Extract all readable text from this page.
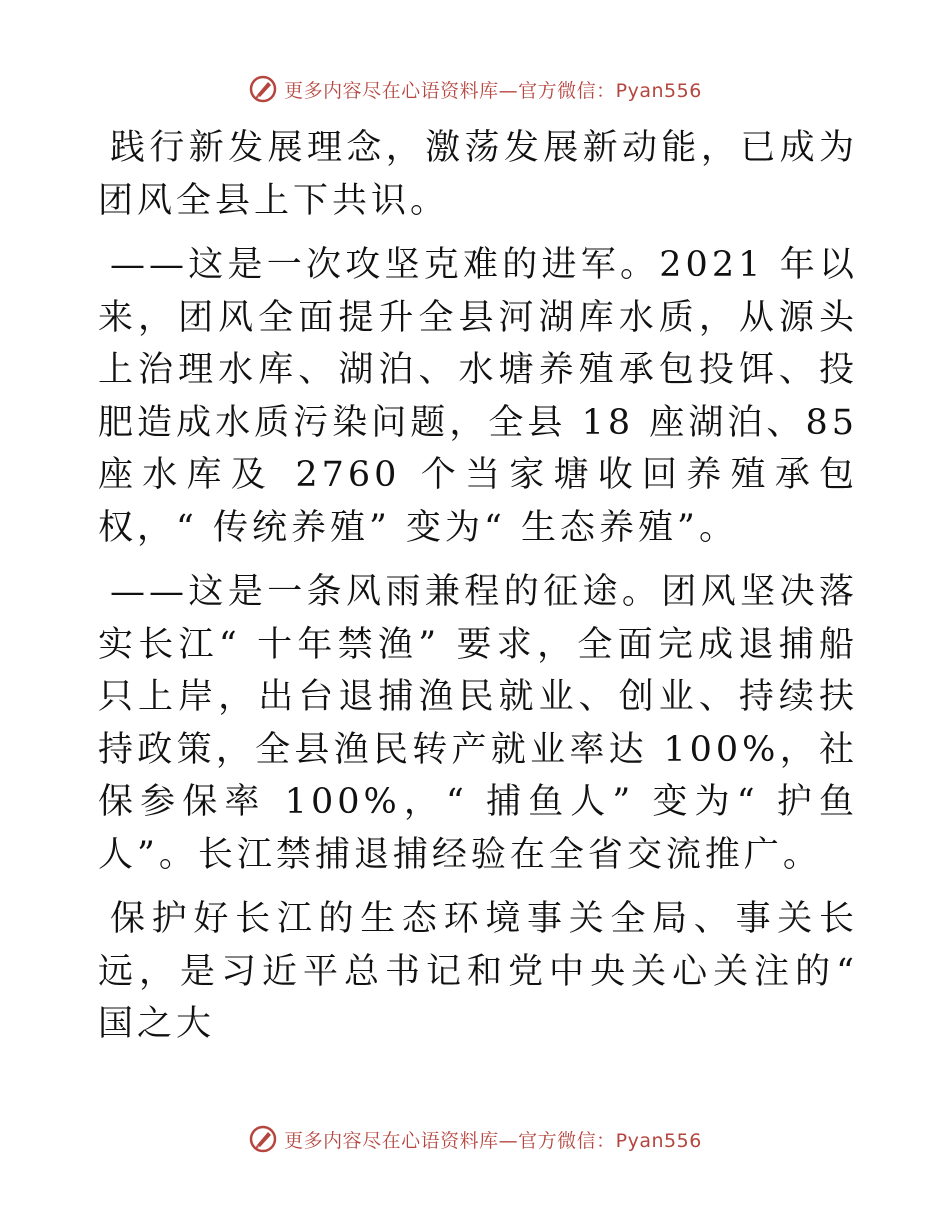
更多内容尽在心语资料库—官方微信：Pyan556

践行新发展理念，激荡发展新动能，已成为团风全县上下共识。

——这是一次攻坚克难的进军。2021 年以来，团风全面提升全县河湖库水质，从源头上治理水库、湖泊、水塘养殖承包投饵、投肥造成水质污染问题，全县 18 座湖泊、85 座水库及 2760 个当家塘收回养殖承包权，“ 传统养殖” 变为“ 生态养殖”。

——这是一条风雨兼程的征途。团风坚决落实长江“ 十年禁渔” 要求，全面完成退捕船只上岸，出台退捕渔民就业、创业、持续扶持政策，全县渔民转产就业率达 100%，社保参保率 100%，“ 捕鱼人” 变为“ 护鱼人”。长江禁捕退捕经验在全省交流推广。

保护好长江的生态环境事关全局、事关长远，是习近平总书记和党中央关心关注的“ 国之大

更多内容尽在心语资料库—官方微信：Pyan556
